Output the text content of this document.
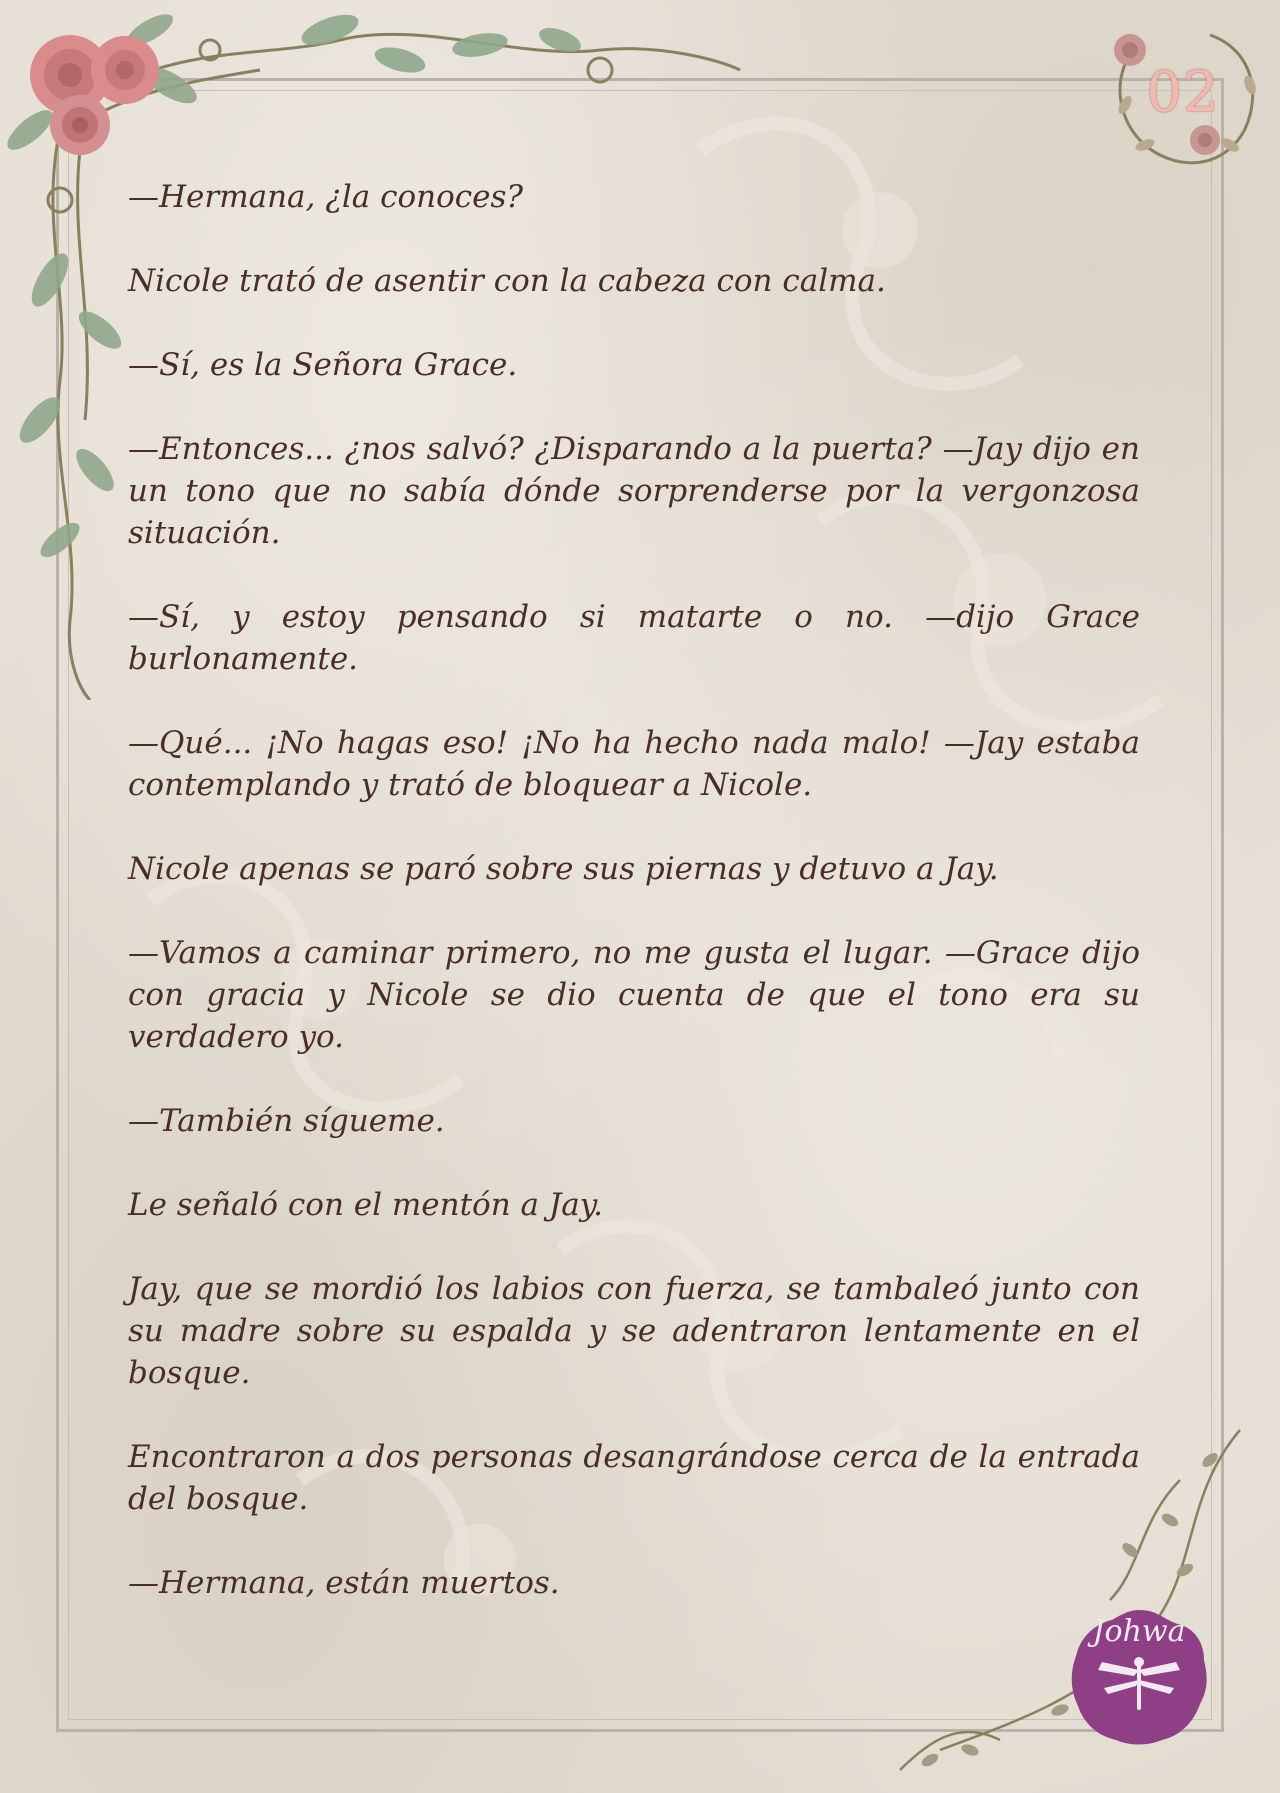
02
Johwa

—Hermana, ¿la conoces?

Nicole trató de asentir con la cabeza con calma.

—Sí, es la Señora Grace.

—Entonces... ¿nos salvó? ¿Disparando a la puerta? —Jay dijo en un tono que no sabía dónde sorprenderse por la vergonzosa situación.

—Sí, y estoy pensando si matarte o no. —dijo Grace burlonamente.

—Qué... ¡No hagas eso! ¡No ha hecho nada malo! —Jay estaba contemplando y trató de bloquear a Nicole.

Nicole apenas se paró sobre sus piernas y detuvo a Jay.

—Vamos a caminar primero, no me gusta el lugar. —Grace dijo con gracia y Nicole se dio cuenta de que el tono era su verdadero yo.

—También sígueme.

Le señaló con el mentón a Jay.

Jay, que se mordió los labios con fuerza, se tambaleó junto con su madre sobre su espalda y se adentraron lentamente en el bosque.

Encontraron a dos personas desangrándose cerca de la entrada del bosque.

—Hermana, están muertos.
